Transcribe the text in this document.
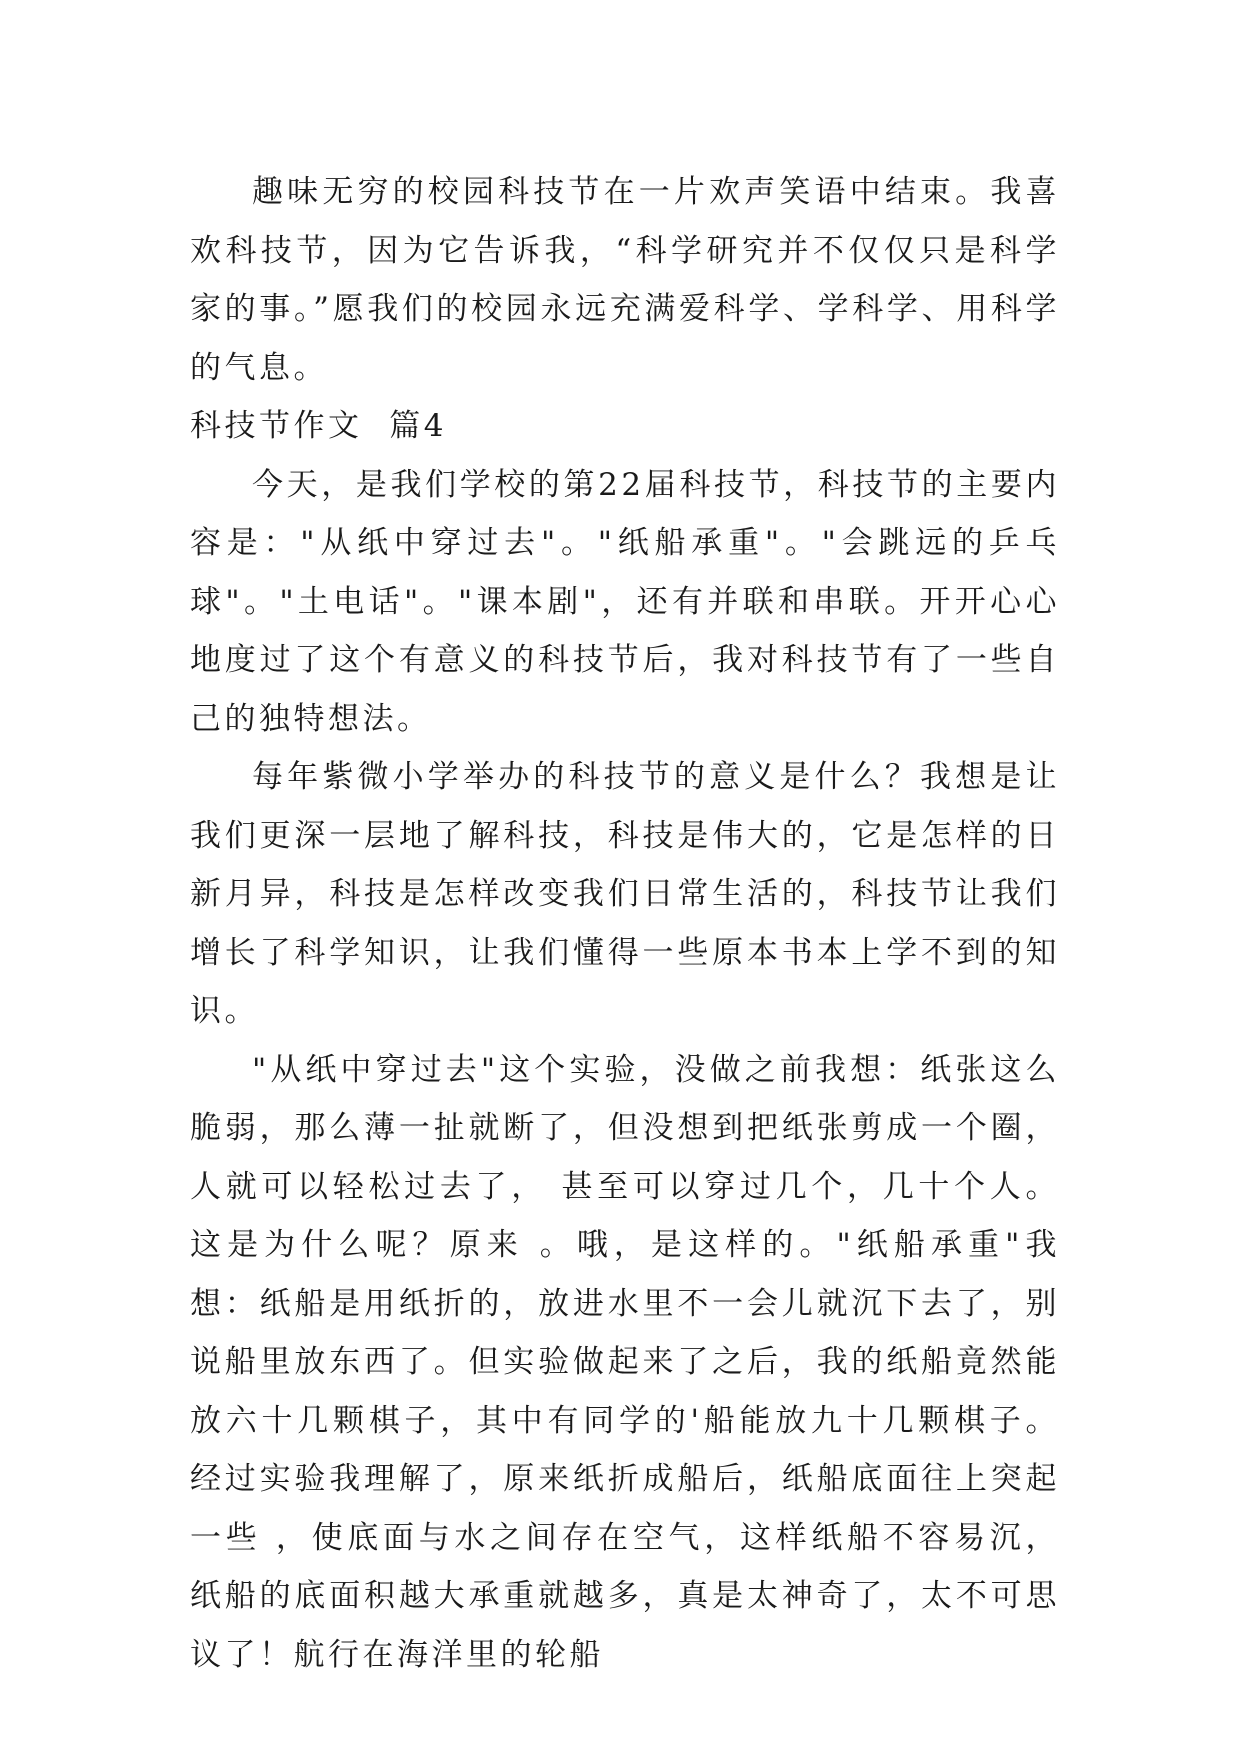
趣味无穷的校园科技节在一片欢声笑语中结束。我喜欢科技节，因为它告诉我，“科学研究并不仅仅只是科学家的事。”愿我们的校园永远充满爱科学、学科学、用科学的气息。

科技节作文  篇4

今天，是我们学校的第22届科技节，科技节的主要内容是："从纸中穿过去"。"纸船承重"。"会跳远的乒乓球"。"土电话"。"课本剧"，还有并联和串联。开开心心地度过了这个有意义的科技节后，我对科技节有了一些自己的独特想法。

每年紫微小学举办的科技节的意义是什么？我想是让我们更深一层地了解科技，科技是伟大的，它是怎样的日新月异，科技是怎样改变我们日常生活的，科技节让我们增长了科学知识，让我们懂得一些原本书本上学不到的知识。

"从纸中穿过去"这个实验，没做之前我想：纸张这么脆弱，那么薄一扯就断了，但没想到把纸张剪成一个圈，人就可以轻松过去了， 甚至可以穿过几个，几十个人。这是为什么呢？原来 。哦，是这样的。"纸船承重"我想：纸船是用纸折的，放进水里不一会儿就沉下去了，别说船里放东西了。但实验做起来了之后，我的纸船竟然能放六十几颗棋子，其中有同学的'船能放九十几颗棋子。经过实验我理解了，原来纸折成船后，纸船底面往上突起一些 ，使底面与水之间存在空气，这样纸船不容易沉，纸船的底面积越大承重就越多，真是太神奇了，太不可思议了！航行在海洋里的轮船
